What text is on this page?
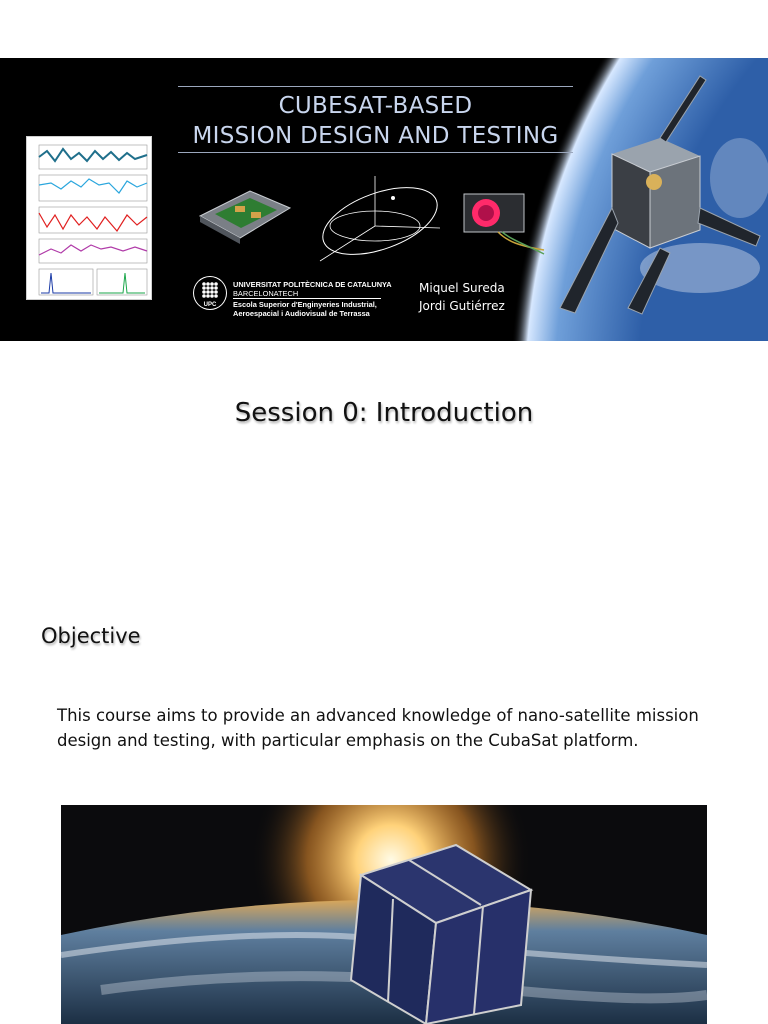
CUBESAT-BASED
MISSION DESIGN AND TESTING
UPC
UNIVERSITAT POLITÈCNICA DE CATALUNYA
BARCELONATECH
Escola Superior d'Enginyeries Industrial,
Aeroespacial i Audiovisual de Terrassa
Miquel Sureda
Jordi Gutiérrez
Session 0: Introduction
Objective
This course aims to provide an advanced knowledge of nano-satellite mission design and testing, with particular emphasis on the CubaSat platform.
